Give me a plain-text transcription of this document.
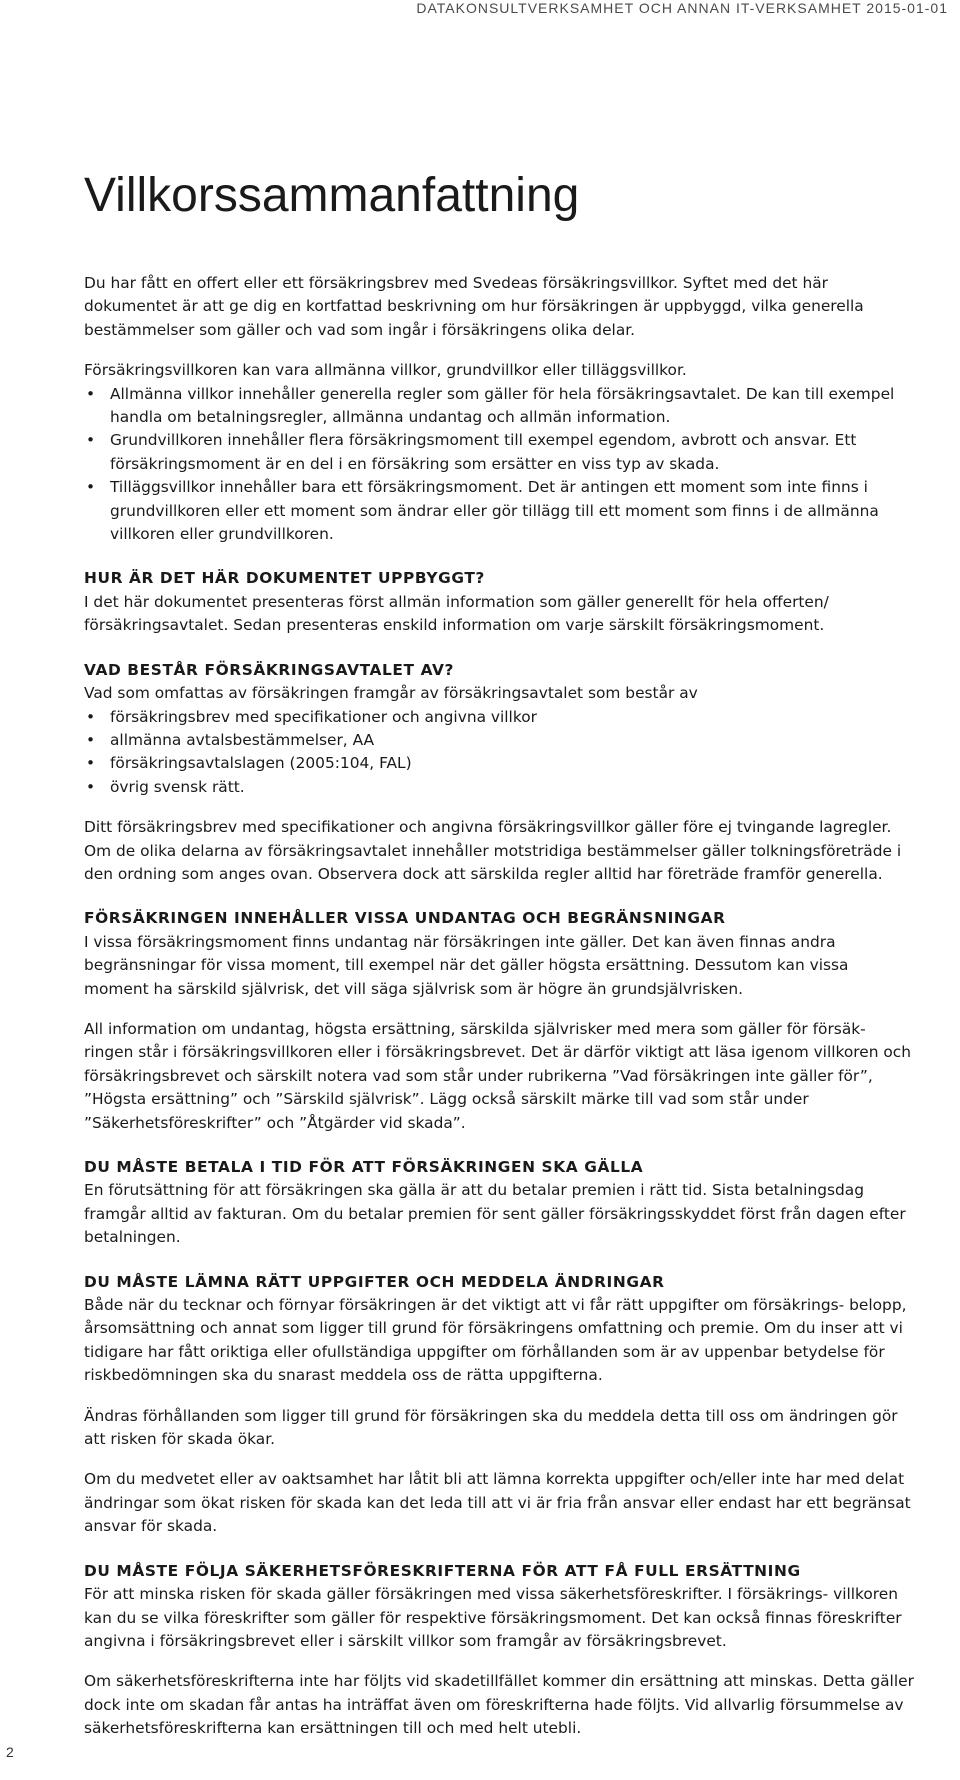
DATAKONSULTVERKSAMHET OCH ANNAN IT-VERKSAMHET 2015-01-01
Villkorssammanfattning

Du har fått en offert eller ett försäkringsbrev med Svedeas försäkringsvillkor. Syftet med det här dokumentet är att ge dig en kortfattad beskrivning om hur försäkringen är uppbyggd, vilka generella bestämmelser som gäller och vad som ingår i försäkringens olika delar.

Försäkringsvillkoren kan vara allmänna villkor, grundvillkor eller tilläggsvillkor.

• Allmänna villkor innehåller generella regler som gäller för hela försäkringsavtalet. De kan till exempel handla om betalningsregler, allmänna undantag och allmän information.
• Grundvillkoren innehåller flera försäkringsmoment till exempel egendom, avbrott och ansvar. Ett försäkringsmoment är en del i en försäkring som ersätter en viss typ av skada.
• Tilläggsvillkor innehåller bara ett försäkringsmoment. Det är antingen ett moment som inte finns i grundvillkoren eller ett moment som ändrar eller gör tillägg till ett moment som finns i de allmänna villkoren eller grundvillkoren.

HUR ÄR DET HÄR DOKUMENTET UPPBYGGT?

I det här dokumentet presenteras först allmän information som gäller generellt för hela offerten/ försäkringsavtalet. Sedan presenteras enskild information om varje särskilt försäkringsmoment.

VAD BESTÅR FÖRSÄKRINGSAVTALET AV?

Vad som omfattas av försäkringen framgår av försäkringsavtalet som består av

• försäkringsbrev med specifikationer och angivna villkor
• allmänna avtalsbestämmelser, AA
• försäkringsavtalslagen (2005:104, FAL)
• övrig svensk rätt.

Ditt försäkringsbrev med specifikationer och angivna försäkringsvillkor gäller före ej tvingande lagregler. Om de olika delarna av försäkringsavtalet innehåller motstridiga bestämmelser gäller tolkningsföreträde i den ordning som anges ovan. Observera dock att särskilda regler alltid har företräde framför generella.

FÖRSÄKRINGEN INNEHÅLLER VISSA UNDANTAG OCH BEGRÄNSNINGAR

I vissa försäkringsmoment finns undantag när försäkringen inte gäller. Det kan även finnas andra begränsningar för vissa moment, till exempel när det gäller högsta ersättning. Dessutom kan vissa moment ha särskild självrisk, det vill säga självrisk som är högre än grundsjälvrisken.

All information om undantag, högsta ersättning, särskilda självrisker med mera som gäller för försäk- ringen står i försäkringsvillkoren eller i försäkringsbrevet. Det är därför viktigt att läsa igenom villkoren och försäkringsbrevet och särskilt notera vad som står under rubrikerna ”Vad försäkringen inte gäller för”, ”Högsta ersättning” och ”Särskild självrisk”. Lägg också särskilt märke till vad som står under ”Säkerhetsföreskrifter” och ”Åtgärder vid skada”.

DU MÅSTE BETALA I TID FÖR ATT FÖRSÄKRINGEN SKA GÄLLA

En förutsättning för att försäkringen ska gälla är att du betalar premien i rätt tid. Sista betalningsdag framgår alltid av fakturan. Om du betalar premien för sent gäller försäkringsskyddet först från dagen efter betalningen.

DU MÅSTE LÄMNA RÄTT UPPGIFTER OCH MEDDELA ÄNDRINGAR

Både när du tecknar och förnyar försäkringen är det viktigt att vi får rätt uppgifter om försäkrings- belopp, årsomsättning och annat som ligger till grund för försäkringens omfattning och premie. Om du inser att vi tidigare har fått oriktiga eller ofullständiga uppgifter om förhållanden som är av uppenbar betydelse för riskbedömningen ska du snarast meddela oss de rätta uppgifterna.

Ändras förhållanden som ligger till grund för försäkringen ska du meddela detta till oss om ändringen gör att risken för skada ökar.

Om du medvetet eller av oaktsamhet har låtit bli att lämna korrekta uppgifter och/eller inte har med delat ändringar som ökat risken för skada kan det leda till att vi är fria från ansvar eller endast har ett begränsat ansvar för skada.

DU MÅSTE FÖLJA SÄKERHETSFÖRESKRIFTERNA FÖR ATT FÅ FULL ERSÄTTNING

För att minska risken för skada gäller försäkringen med vissa säkerhetsföreskrifter. I försäkrings- villkoren kan du se vilka föreskrifter som gäller för respektive försäkringsmoment. Det kan också finnas föreskrifter angivna i försäkringsbrevet eller i särskilt villkor som framgår av försäkringsbrevet.

Om säkerhetsföreskrifterna inte har följts vid skadetillfället kommer din ersättning att minskas. Detta gäller dock inte om skadan får antas ha inträffat även om föreskrifterna hade följts. Vid allvarlig försummelse av säkerhetsföreskrifterna kan ersättningen till och med helt utebli.

2
